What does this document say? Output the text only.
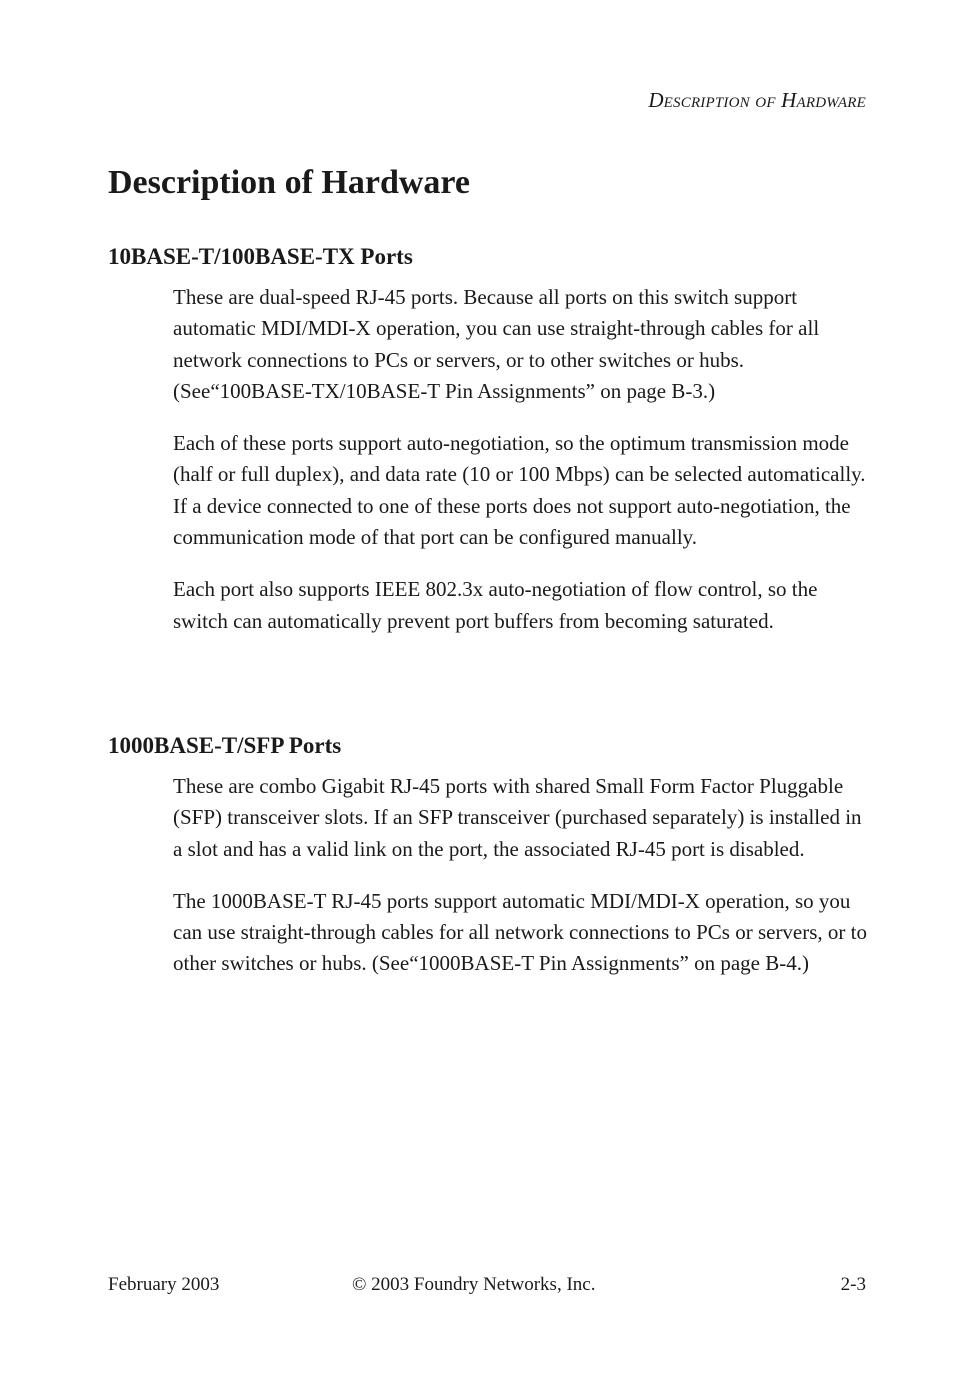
Description of Hardware
Description of Hardware
10BASE-T/100BASE-TX Ports

These are dual-speed RJ-45 ports. Because all ports on this switch support automatic MDI/MDI-X operation, you can use straight-through cables for all network connections to PCs or servers, or to other switches or hubs. (See“100BASE-TX/10BASE-T Pin Assignments” on page B-3.)

Each of these ports support auto-negotiation, so the optimum transmission mode (half or full duplex), and data rate (10 or 100 Mbps) can be selected automatically. If a device connected to one of these ports does not support auto-negotiation, the communication mode of that port can be configured manually.

Each port also supports IEEE 802.3x auto-negotiation of flow control, so the switch can automatically prevent port buffers from becoming saturated.

1000BASE-T/SFP Ports

These are combo Gigabit RJ-45 ports with shared Small Form Factor Pluggable (SFP) transceiver slots. If an SFP transceiver (purchased separately) is installed in a slot and has a valid link on the port, the associated RJ-45 port is disabled.

The 1000BASE-T RJ-45 ports support automatic MDI/MDI-X operation, so you can use straight-through cables for all network connections to PCs or servers, or to other switches or hubs. (See“1000BASE-T Pin Assignments” on page B-4.)

February 2003	© 2003 Foundry Networks, Inc.	2-3
